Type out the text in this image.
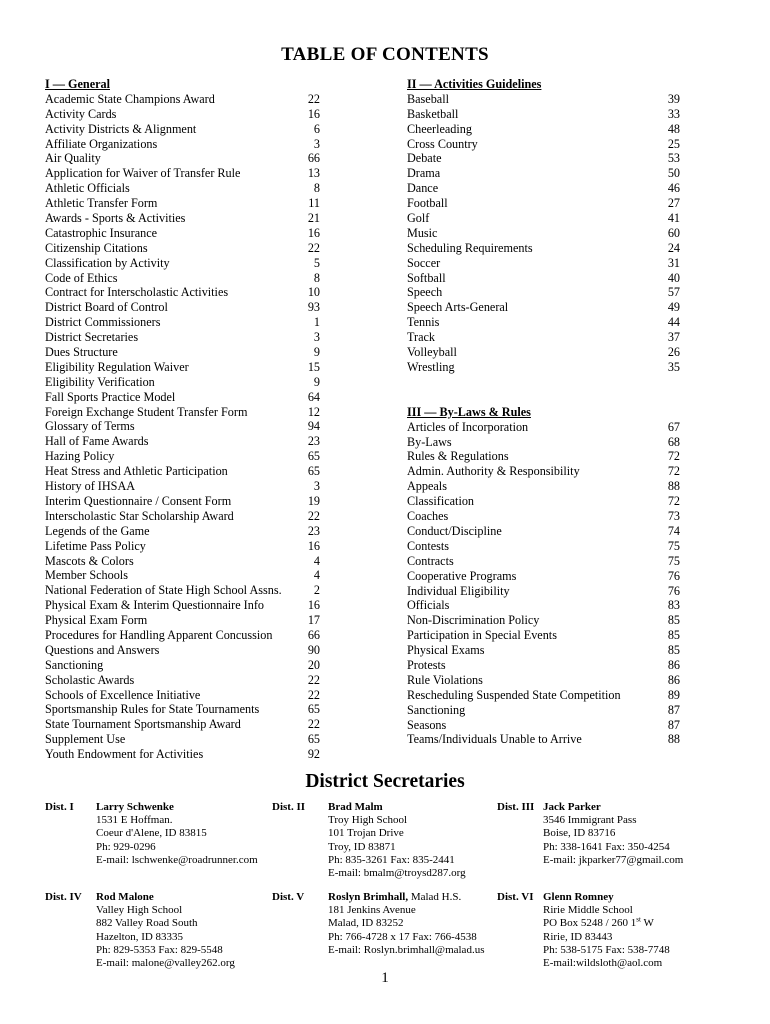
TABLE OF CONTENTS
I — General
Academic State Champions Award	22
Activity Cards	16
Activity Districts & Alignment	6
Affiliate Organizations	3
Air Quality	66
Application for Waiver of Transfer Rule	13
Athletic Officials	8
Athletic Transfer Form	11
Awards - Sports & Activities	21
Catastrophic Insurance	16
Citizenship Citations	22
Classification by Activity	5
Code of Ethics	8
Contract for Interscholastic Activities	10
District Board of Control	93
District Commissioners	1
District Secretaries	3
Dues Structure	9
Eligibility Regulation Waiver	15
Eligibility Verification	9
Fall Sports Practice Model	64
Foreign Exchange Student Transfer Form	12
Glossary of Terms	94
Hall of Fame Awards	23
Hazing Policy	65
Heat Stress and Athletic Participation	65
History of IHSAA	3
Interim Questionnaire / Consent Form	19
Interscholastic Star Scholarship Award	22
Legends of the Game	23
Lifetime Pass Policy	16
Mascots & Colors	4
Member Schools	4
National Federation of State High School Assns.	2
Physical Exam & Interim Questionnaire Info	16
Physical Exam Form	17
Procedures for Handling Apparent Concussion	66
Questions and Answers	90
Sanctioning	20
Scholastic Awards	22
Schools of Excellence Initiative	22
Sportsmanship Rules for State Tournaments	65
State Tournament Sportsmanship Award	22
Supplement Use	65
Youth Endowment for Activities	92
II — Activities Guidelines
Baseball	39
Basketball	33
Cheerleading	48
Cross Country	25
Debate	53
Drama	50
Dance	46
Football	27
Golf	41
Music	60
Scheduling Requirements	24
Soccer	31
Softball	40
Speech	57
Speech Arts-General	49
Tennis	44
Track	37
Volleyball	26
Wrestling	35
III — By-Laws & Rules
Articles of Incorporation	67
By-Laws	68
Rules & Regulations	72
Admin. Authority & Responsibility	72
Appeals	88
Classification	72
Coaches	73
Conduct/Discipline	74
Contests	75
Contracts	75
Cooperative Programs	76
Individual Eligibility	76
Officials	83
Non-Discrimination Policy	85
Participation in Special Events	85
Physical Exams	85
Protests	86
Rule Violations	86
Rescheduling Suspended State Competition	89
Sanctioning	87
Seasons	87
Teams/Individuals Unable to Arrive	88
District Secretaries
Dist. I Larry Schwenke
1531 E Hoffman.
Coeur d'Alene, ID 83815
Ph: 929-0296
E-mail: lschwenke@roadrunner.com
Dist. II Brad Malm
Troy High School
101 Trojan Drive
Troy, ID 83871
Ph: 835-3261 Fax: 835-2441
E-mail: bmalm@troysd287.org
Dist. III Jack Parker
3546 Immigrant Pass
Boise, ID 83716
Ph: 338-1641 Fax: 350-4254
E-mail: jkparker77@gmail.com
Dist. IV Rod Malone
Valley High School
882 Valley Road South
Hazelton, ID 83335
Ph: 829-5353 Fax: 829-5548
E-mail: malone@valley262.org
Dist. V Roslyn Brimhall, Malad H.S.
181 Jenkins Avenue
Malad, ID 83252
Ph: 766-4728 x 17 Fax: 766-4538
E-mail: Roslyn.brimhall@malad.us
Dist. VI Glenn Romney
Ririe Middle School
PO Box 5248 / 260 1st W
Ririe, ID 83443
Ph: 538-5175 Fax: 538-7748
E-mail:wildsloth@aol.com
1
